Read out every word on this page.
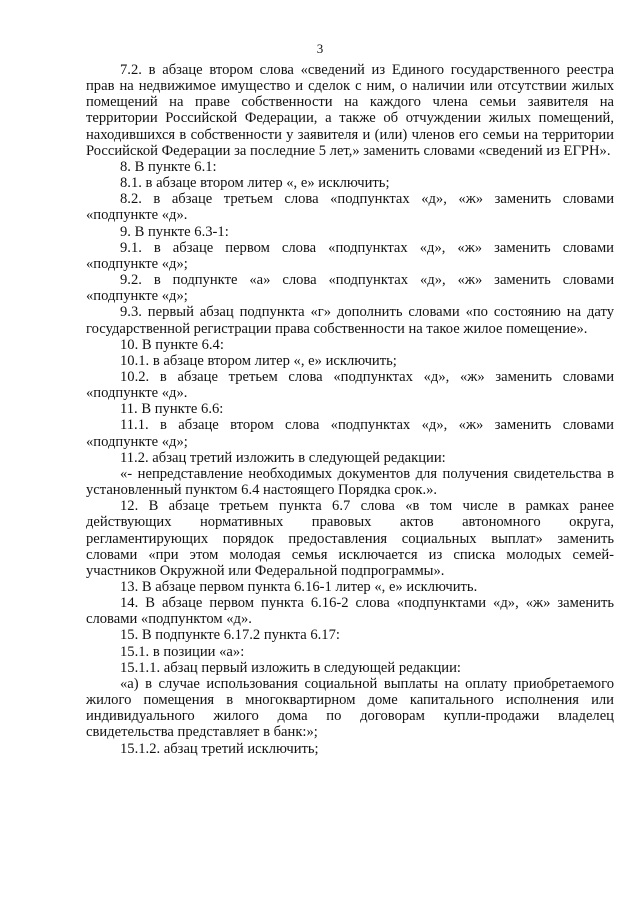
3

7.2. в абзаце втором слова «сведений из Единого государственного реестра прав на недвижимое имущество и сделок с ним, о наличии или отсутствии жилых помещений на праве собственности на каждого члена семьи заявителя на территории Российской Федерации, а также об отчуждении жилых помещений, находившихся в собственности у заявителя и (или) членов его семьи на территории Российской Федерации за последние 5 лет,» заменить словами «сведений из ЕГРН».

8. В пункте 6.1:

8.1. в абзаце втором литер «, е» исключить;

8.2. в абзаце третьем слова «подпунктах «д», «ж» заменить словами «подпункте «д».

9. В пункте 6.3-1:

9.1. в абзаце первом слова «подпунктах «д», «ж» заменить словами «подпункте «д»;

9.2. в подпункте «а» слова «подпунктах «д», «ж» заменить словами «подпункте «д»;

9.3. первый абзац подпункта «г» дополнить словами «по состоянию на дату государственной регистрации права собственности на такое жилое помещение».

10. В пункте 6.4:

10.1. в абзаце втором литер «, е» исключить;

10.2. в абзаце третьем слова «подпунктах «д», «ж» заменить словами «подпункте «д».

11. В пункте 6.6:

11.1. в абзаце втором слова «подпунктах «д», «ж» заменить словами «подпункте «д»;

11.2. абзац третий изложить в следующей редакции:

«- непредставление необходимых документов для получения свидетельства в установленный пунктом 6.4 настоящего Порядка срок.».

12. В абзаце третьем пункта 6.7 слова «в том числе в рамках ранее действующих нормативных правовых актов автономного округа, регламентирующих порядок предоставления социальных выплат» заменить словами «при этом молодая семья исключается из списка молодых семей-участников Окружной или Федеральной подпрограммы».

13. В абзаце первом пункта 6.16-1 литер «, е» исключить.

14. В абзаце первом пункта 6.16-2 слова «подпунктами «д», «ж» заменить словами «подпунктом «д».

15. В подпункте 6.17.2 пункта 6.17:

15.1. в позиции «а»:

15.1.1. абзац первый изложить в следующей редакции:

«а) в случае использования социальной выплаты на оплату приобретаемого жилого помещения в многоквартирном доме капитального исполнения или индивидуального жилого дома по договорам купли-продажи владелец свидетельства представляет в банк:»;

15.1.2. абзац третий исключить;
